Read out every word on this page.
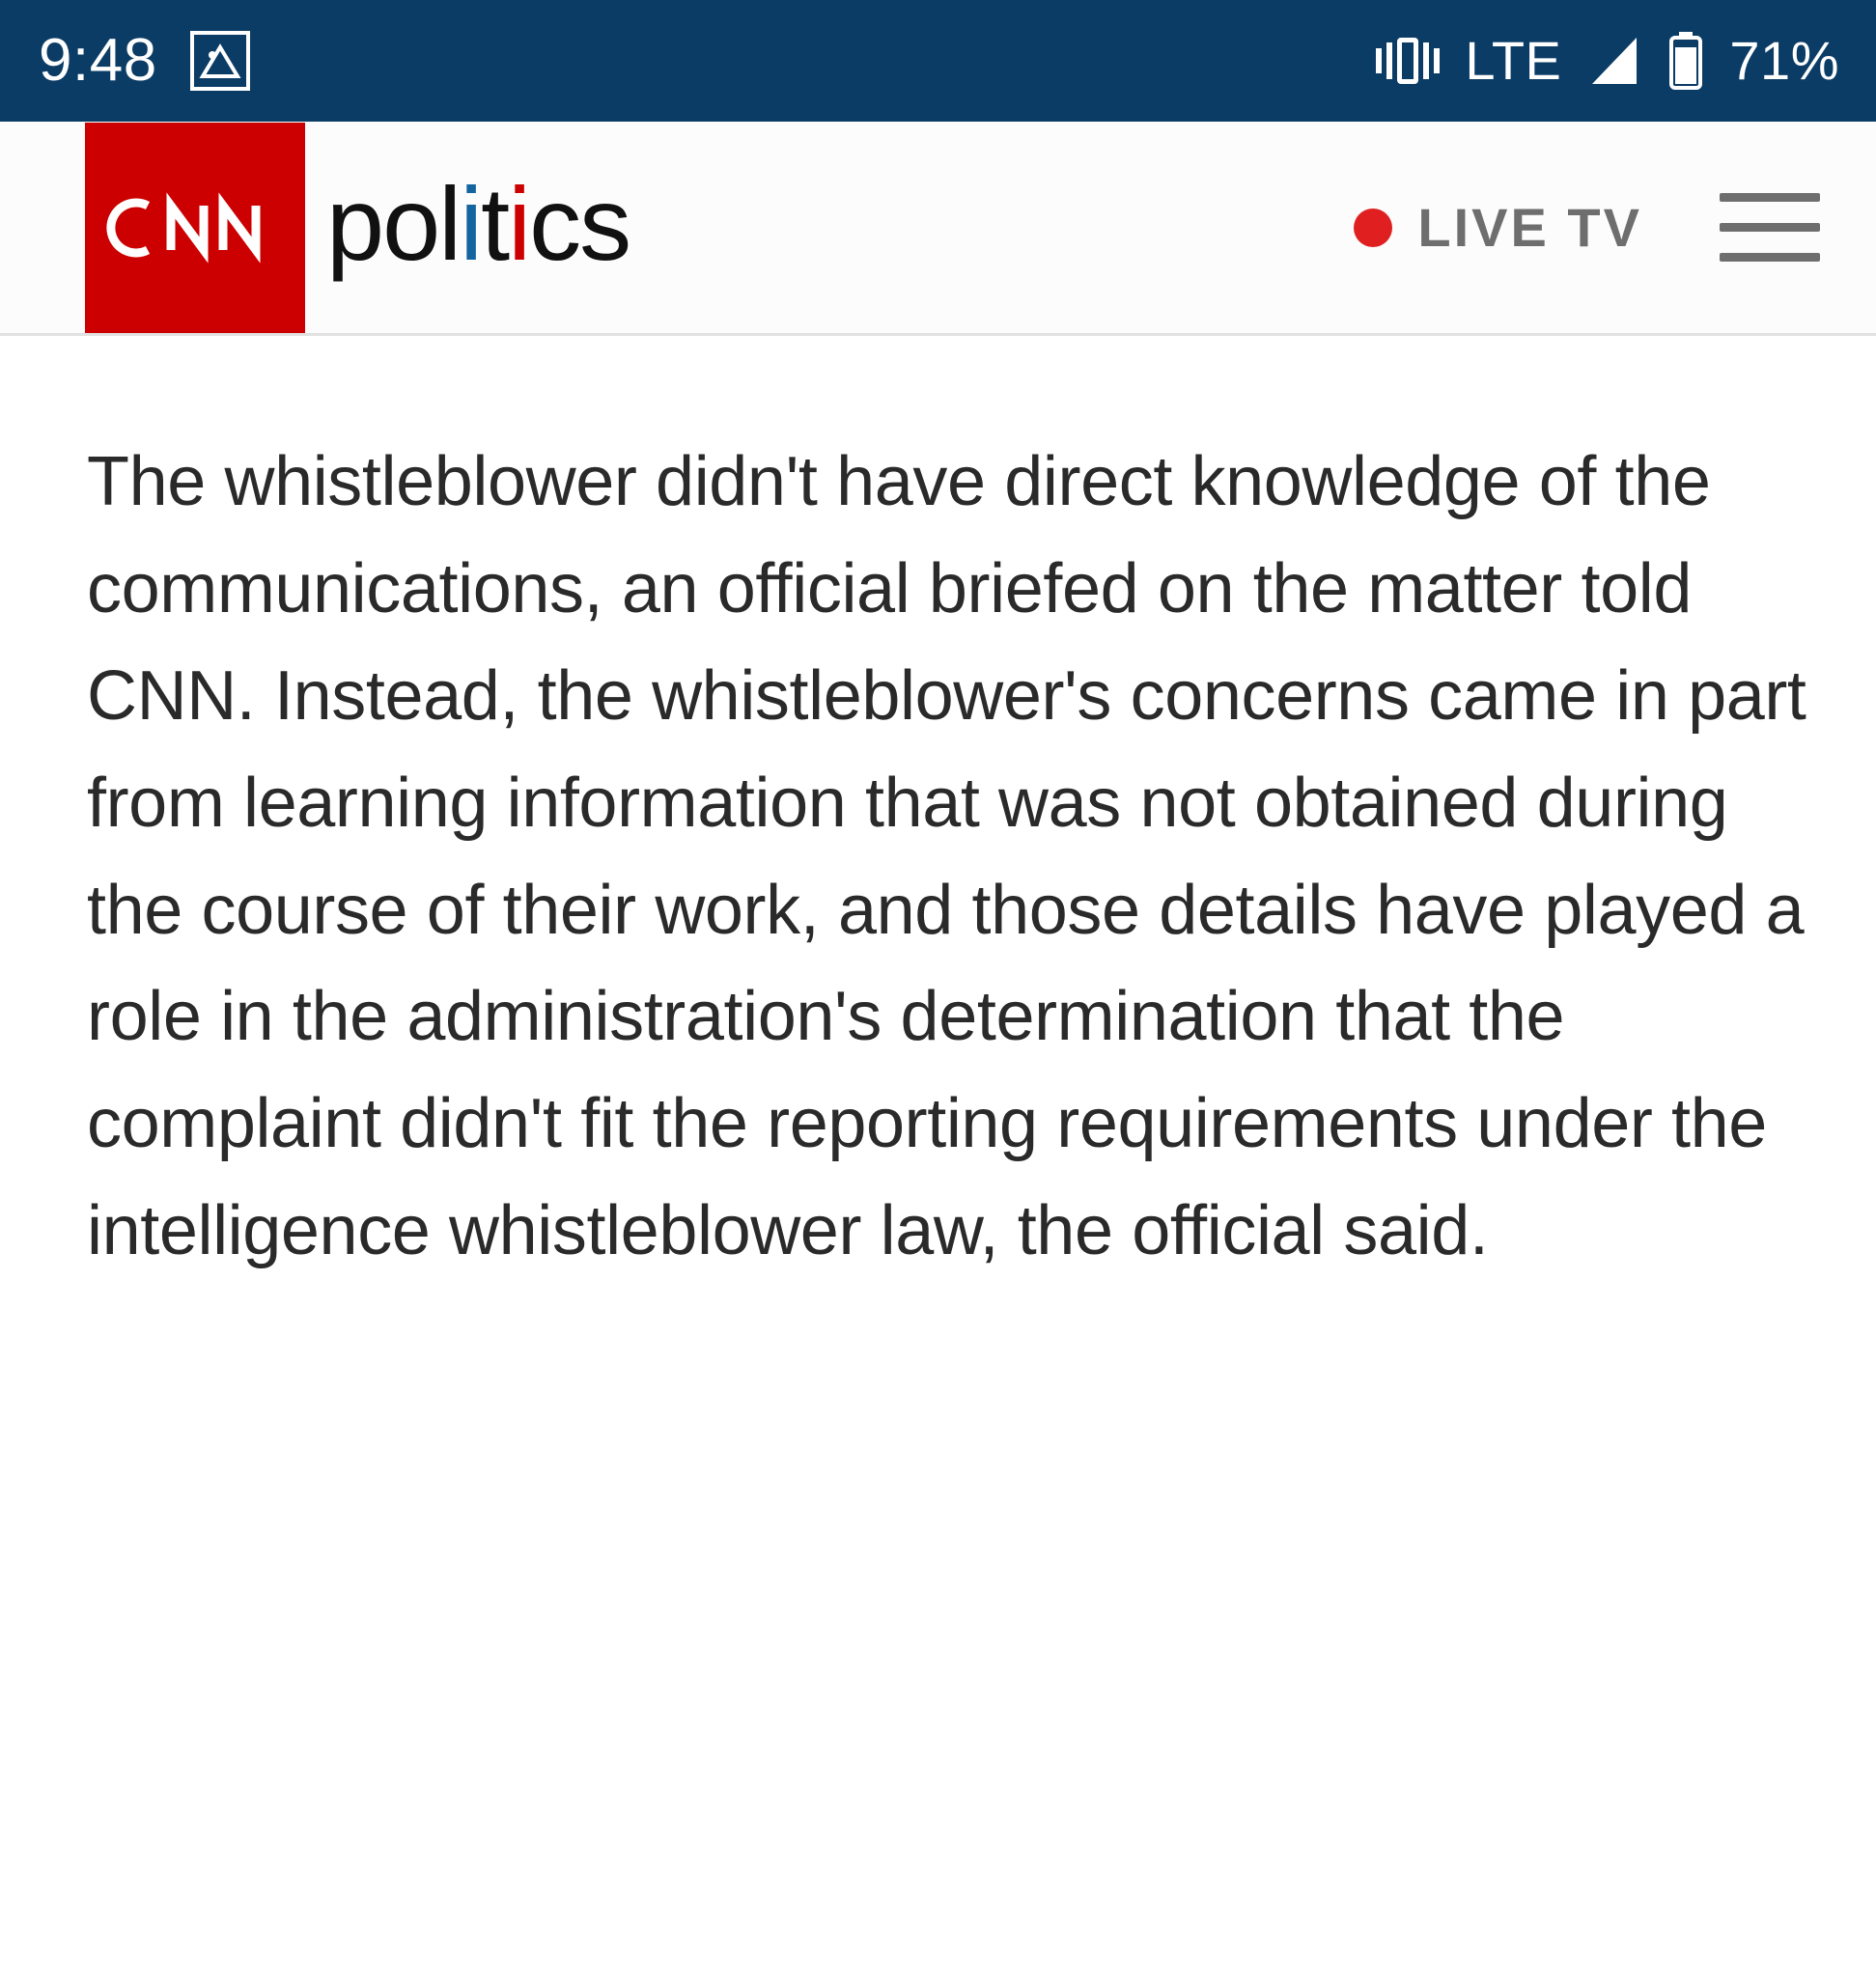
9:48	LTE	71%
politics	LIVE TV

The whistleblower didn't have direct knowledge of the communications, an official briefed on the matter told CNN. Instead, the whistleblower's concerns came in part from learning information that was not obtained during the course of their work, and those details have played a role in the administration's determination that the complaint didn't fit the reporting requirements under the intelligence whistleblower law, the official said.
